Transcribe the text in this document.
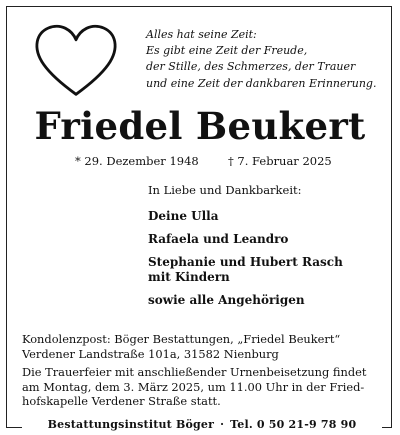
Alles hat seine Zeit:
Es gibt eine Zeit der Freude,
der Stille, des Schmerzes, der Trauer
und eine Zeit der dankbaren Erinnerung.
Friedel Beukert
* 29. Dezember 1948	† 7. Februar 2025
In Liebe und Dankbarkeit:
Deine Ulla
Rafaela und Leandro
Stephanie und Hubert Rasch
mit Kindern
sowie alle Angehörigen
Kondolenzpost: Böger Bestattungen, „Friedel Beukert“
Verdener Landstraße 101a, 31582 Nienburg
Die Trauerfeier mit anschließender Urnenbeisetzung findet
am Montag, dem 3. März 2025, um 11.00 Uhr in der Fried-
hofskapelle Verdener Straße statt.
Bestattungsinstitut Böger · Tel. 0 50 21-9 78 90
